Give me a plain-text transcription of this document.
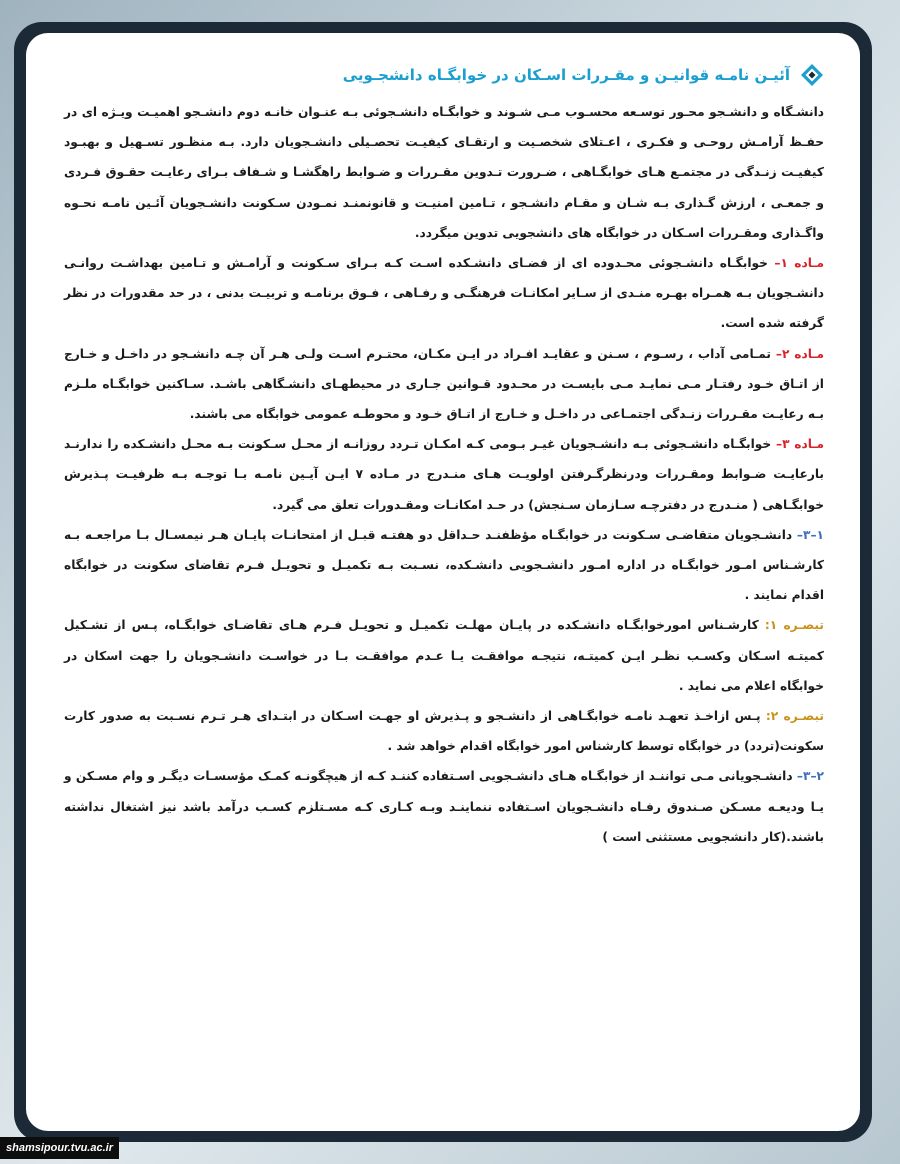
آئیـن نامـه قوانیـن و مقـررات اسـکان در خوابگـاه دانشجـویی

دانشـگاه و دانشـجو محـور توسـعه محسـوب مـی شـوند و خوابگـاه دانشـجوئی بـه عنـوان خانـه دوم دانشـجو اهمیـت ویـژه ای در حفـظ آرامـش روحـی و فکـری ، اعـتلای شخصـیت و ارتقـای کیفیـت تحصـیلی دانشـجویان دارد. بـه منظـور تسـهیل و بهبـود کیفیـت زنـدگی در مجتمـع هـای خوابگـاهی ، ضـرورت تـدوین مقـررات و ضـوابط راهگشـا و شـفاف بـرای رعایـت حقـوق فـردی و جمعـی ، ارزش گـذاری بـه شـان و مقـام دانشـجو ، تـامین امنیـت و قانونمنـد نمـودن سـکونت دانشـجویان آئـین نامـه نحـوه واگـذاری ومقـررات اسـکان در خوابگاه های دانشجویی تدوین میگردد.

مـاده ۱– خوابگـاه دانشـجوئی محـدوده ای از فضـای دانشـکده اسـت کـه بـرای سـکونت و آرامـش و تـامین بهداشـت روانـی دانشـجویان بـه همـراه بهـره منـدی از سـایر امکانـات فرهنگـی و رفـاهی ، فـوق برنامـه و تربیـت بدنی ، در حد مقدورات در نظر گرفته شده است.

مـاده ۲– تمـامی آداب ، رسـوم ، سـنن و عقایـد افـراد در ایـن مکـان، محتـرم اسـت ولـی هـر آن چـه دانشـجو در داخـل و خـارج از اتـاق خـود رفتـار مـی نمایـد مـی بایسـت در محـدود قـوانین جـاری در محیطهـای دانشـگاهی باشـد. سـاکنین خوابگـاه ملـزم بـه رعایـت مقـررات زنـدگی اجتمـاعی در داخـل و خـارج از اتـاق خـود و محوطـه عمومی خوابگاه می باشند.

مـاده ۳– خوابگـاه دانشـجوئی بـه دانشـجویان غیـر بـومی کـه امکـان تـردد روزانـه از محـل سـکونت بـه محـل دانشـکده را ندارنـد بارعایـت ضـوابط ومقـررات ودرنظرگـرفتن اولویـت هـای منـدرج در مـاده ۷ ایـن آیـین نامـه بـا توجـه بـه ظرفیـت پـذیرش خوابگـاهی ( منـدرج در دفترچـه سـازمان سـنجش) در حـد امکانـات ومقـدورات تعلق می گیرد.

۱–۳– دانشـجویان متقاضـی سـکونت در خوابگـاه مؤظفنـد حـداقل دو هفتـه قبـل از امتحانـات پایـان هـر نیمسـال بـا مراجعـه بـه کارشـناس امـور خوابگـاه در اداره امـور دانشـجویی دانشـکده، نسـبت بـه تکمیـل و تحویـل فـرم تقاضای سکونت در خوابگاه اقدام نمایند .

تبصـره ۱: کارشـناس امورخوابگـاه دانشـکده در پایـان مهلـت تکمیـل و تحویـل فـرم هـای تقاضـای خوابگـاه، پـس از تشـکیل کمیتـه اسـکان وکسـب نظـر ایـن کمیتـه، نتیجـه موافقـت یـا عـدم موافقـت بـا در خواسـت دانشـجویان را جهت اسکان در خوابگاه اعلام می نماید .

تبصـره ۲: پـس ازاخـذ تعهـد نامـه خوابگـاهی از دانشـجو و پـذیرش او جهـت اسـکان در ابتـدای هـر تـرم نسـبت به صدور کارت سکونت(تردد) در خوابگاه توسط کارشناس امور خوابگاه اقدام خواهد شد .

۲–۳– دانشـجویانی مـی تواننـد از خوابگـاه هـای دانشـجویی اسـتفاده کننـد کـه از هیچگونـه کمـک مؤسسـات دیگـر و وام مسـکن و یـا ودیعـه مسـکن صـندوق رفـاه دانشـجویان اسـتفاده ننماینـد وبـه کـاری کـه مسـتلزم کسـب درآمد باشد نیز اشتغال نداشته باشند.(کار دانشجویی مستثنی است )

shamsipour.tvu.ac.ir
